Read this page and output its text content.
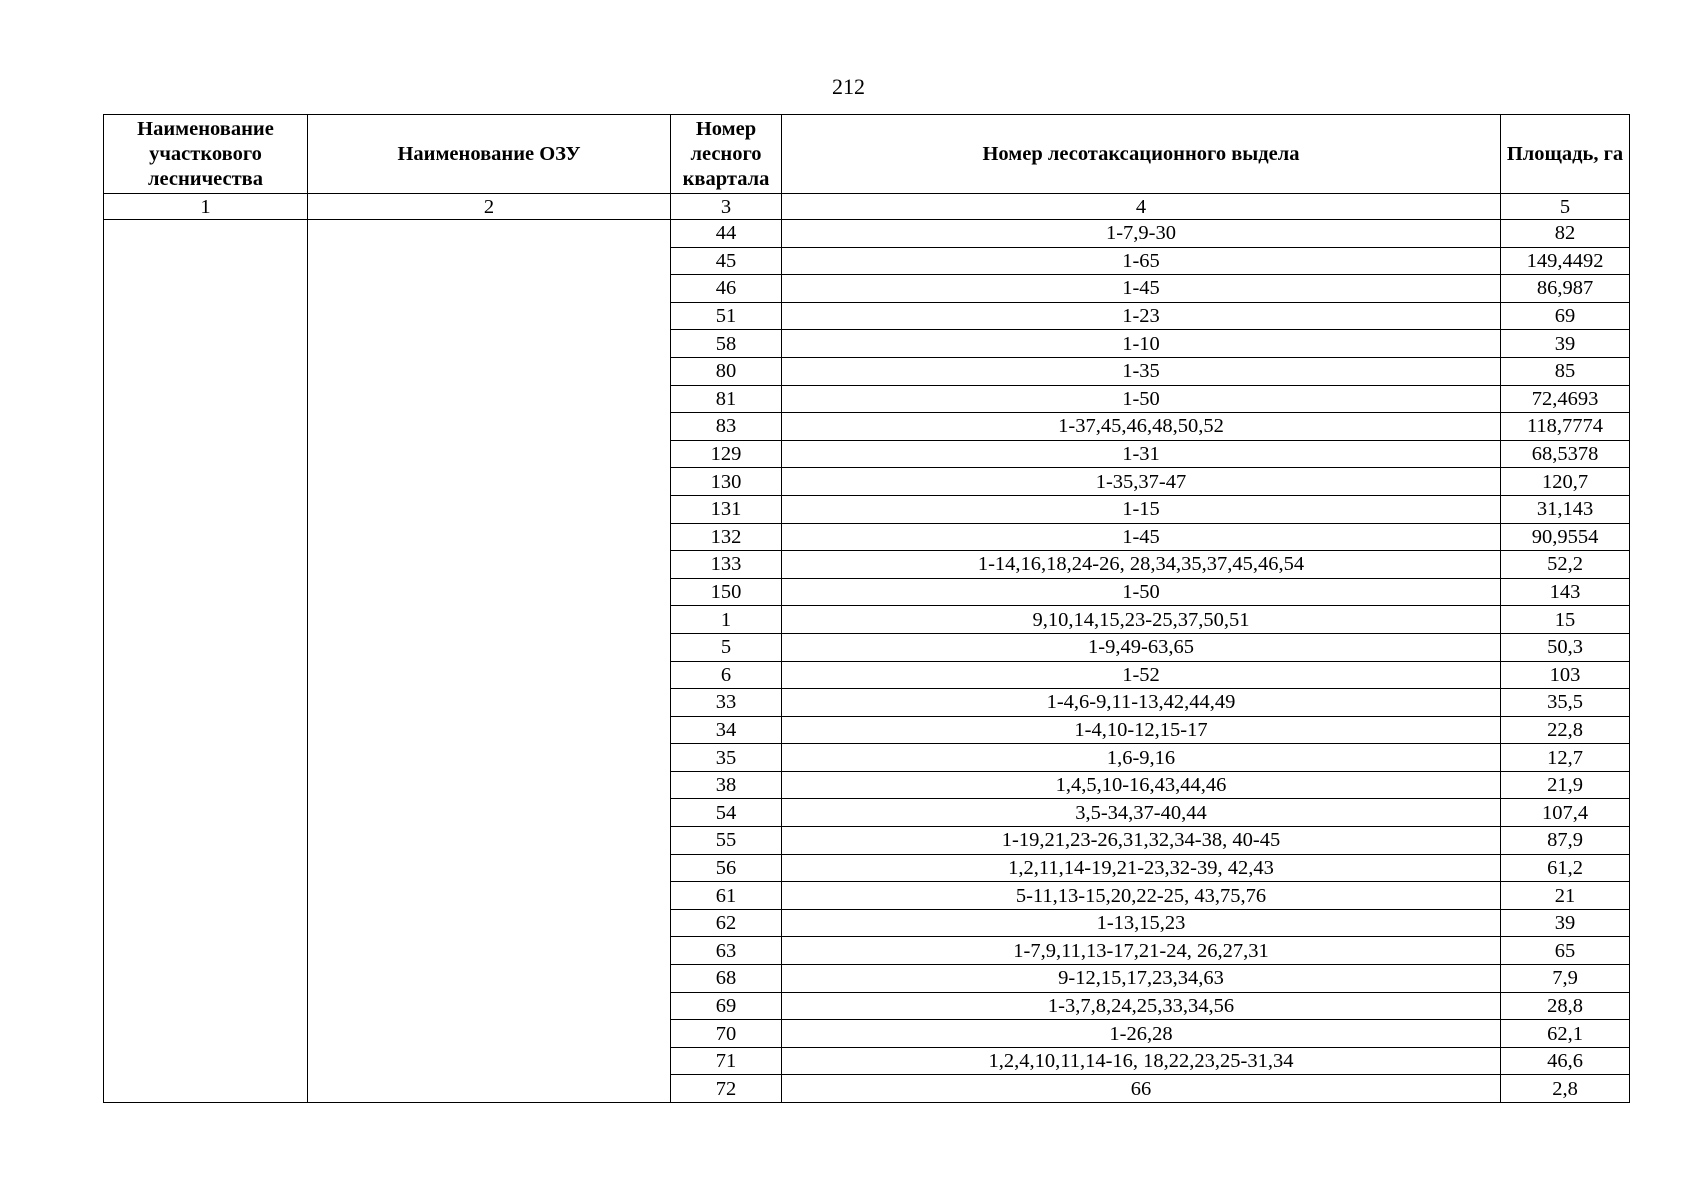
212
Наименование участкового лесничества	Наименование ОЗУ	Номер лесного квартала	Номер лесотаксационного выдела	Площадь, га
1	2	3	4	5
		44	1-7,9-30	82
		45	1-65	149,4492
		46	1-45	86,987
		51	1-23	69
		58	1-10	39
		80	1-35	85
		81	1-50	72,4693
		83	1-37,45,46,48,50,52	118,7774
		129	1-31	68,5378
		130	1-35,37-47	120,7
		131	1-15	31,143
		132	1-45	90,9554
		133	1-14,16,18,24-26, 28,34,35,37,45,46,54	52,2
		150	1-50	143
		1	9,10,14,15,23-25,37,50,51	15
		5	1-9,49-63,65	50,3
		6	1-52	103
		33	1-4,6-9,11-13,42,44,49	35,5
		34	1-4,10-12,15-17	22,8
		35	1,6-9,16	12,7
		38	1,4,5,10-16,43,44,46	21,9
		54	3,5-34,37-40,44	107,4
		55	1-19,21,23-26,31,32,34-38, 40-45	87,9
		56	1,2,11,14-19,21-23,32-39, 42,43	61,2
		61	5-11,13-15,20,22-25, 43,75,76	21
		62	1-13,15,23	39
		63	1-7,9,11,13-17,21-24, 26,27,31	65
		68	9-12,15,17,23,34,63	7,9
		69	1-3,7,8,24,25,33,34,56	28,8
		70	1-26,28	62,1
		71	1,2,4,10,11,14-16, 18,22,23,25-31,34	46,6
		72	66	2,8
